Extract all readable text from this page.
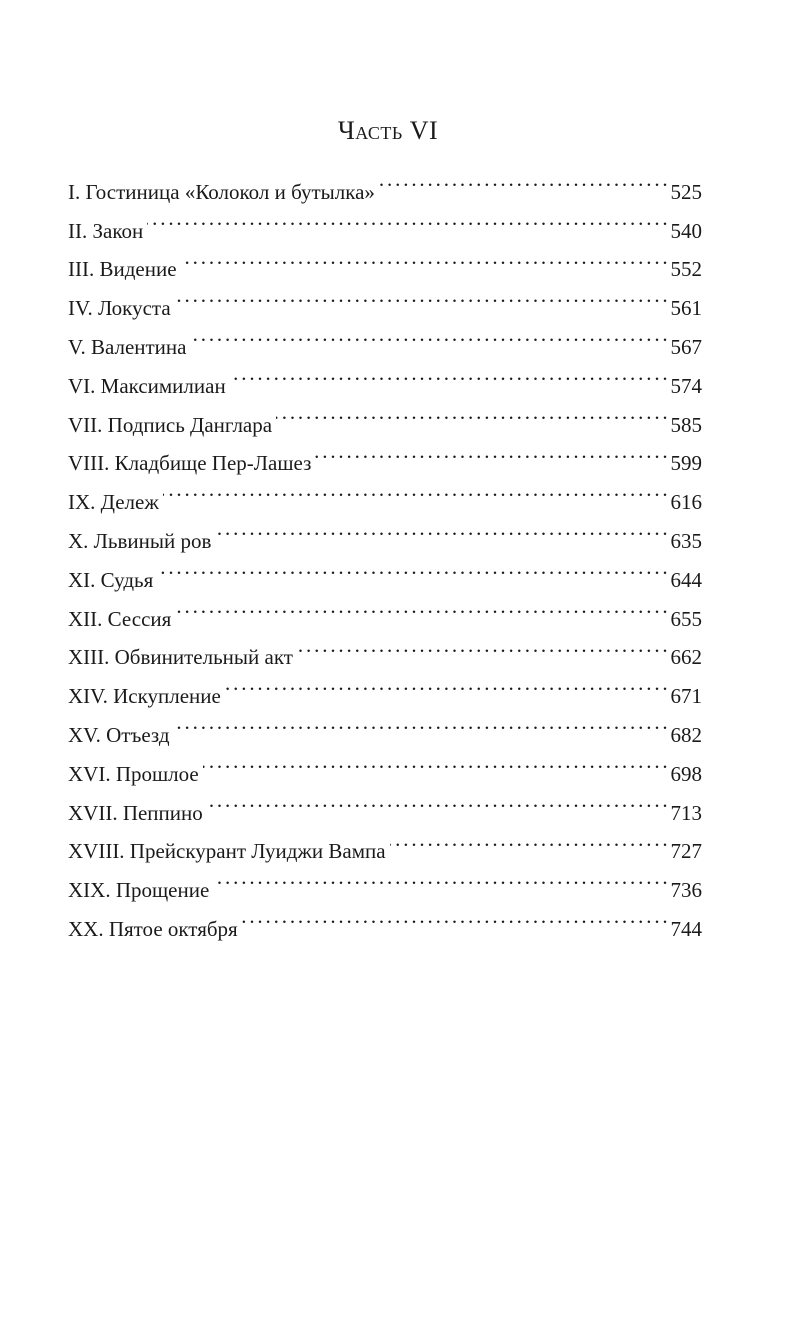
Часть VI
I. Гостиница «Колокол и бутылка» . . .	525
II. Закон . . .	540
III. Видение . . .	552
IV. Локуста . . .	561
V. Валентина . . .	567
VI. Максимилиан . . .	574
VII. Подпись Данглара . . .	585
VIII. Кладбище Пер-Лашез . . .	599
IX. Дележ . . .	616
X. Львиный ров . . .	635
XI. Судья . . .	644
XII. Сессия . . .	655
XIII. Обвинительный акт . . .	662
XIV. Искупление . . .	671
XV. Отъезд . . .	682
XVI. Прошлое . . .	698
XVII. Пеппино . . .	713
XVIII. Прейскурант Луиджи Вампа . . .	727
XIX. Прощение . . .	736
XX. Пятое октября . . .	744
